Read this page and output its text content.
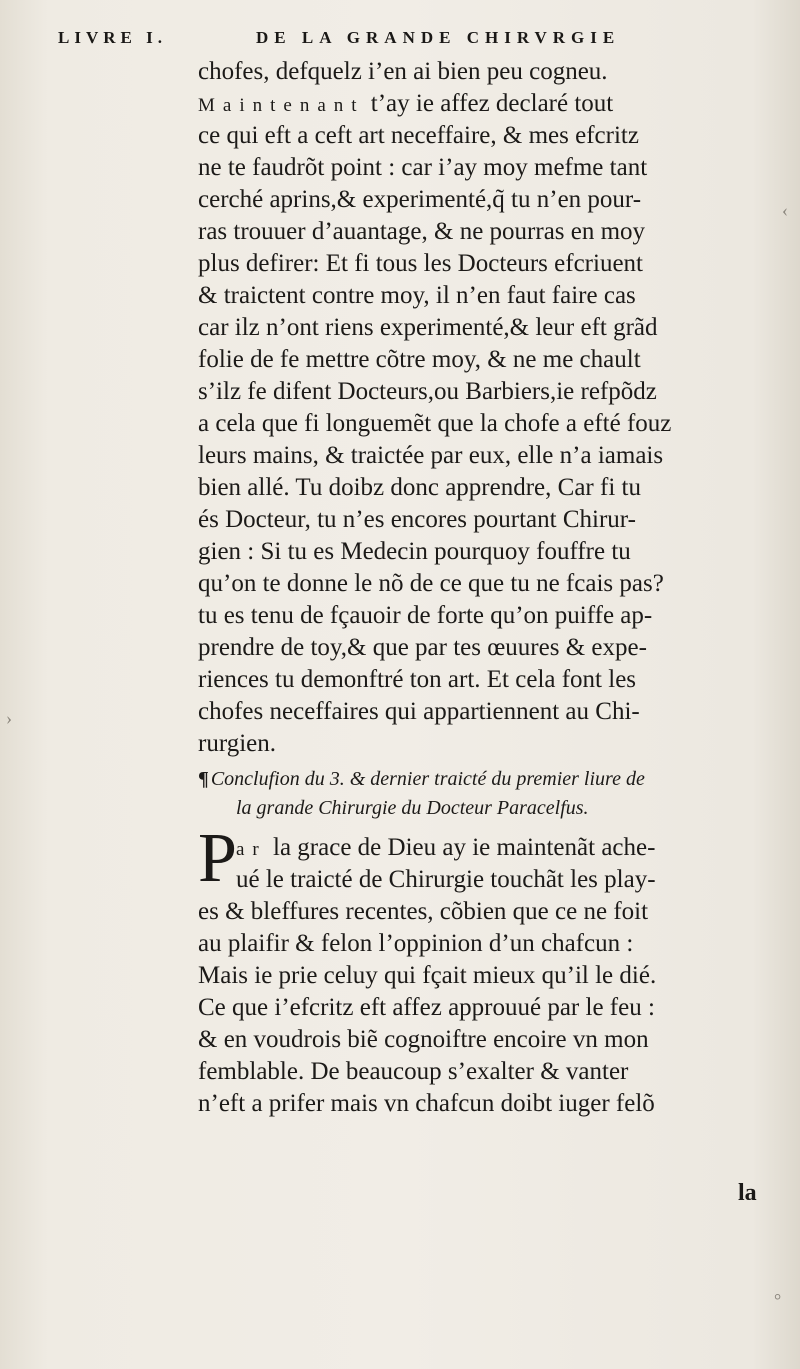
LIVRE I.	DE LA GRANDE CHIRVRGIE
chofes, defquelz i’en ai bien peu cogneu.
Maintenant t’ay ie affez declaré tout
ce qui eft a ceft art neceffaire, & mes efcritz
ne te faudrõt point : car i’ay moy mefme tant
cerché aprins,& experimenté,q̃ tu n’en pour-
ras trouuer d’auantage, & ne pourras en moy
plus defirer: Et fi tous les Docteurs efcriuent
& traictent contre moy, il n’en faut faire cas
car ilz n’ont riens experimenté,& leur eft grãd
folie de fe mettre cõtre moy, & ne me chault
s’ilz fe difent Docteurs,ou Barbiers,ie refpõdz
a cela que fi longuemẽt que la chofe a efté fouz
leurs mains, & traictée par eux, elle n’a iamais
bien allé. Tu doibz donc apprendre, Car fi tu
és Docteur, tu n’es encores pourtant Chirur-
gien : Si tu es Medecin pourquoy fouffre tu
qu’on te donne le nõ de ce que tu ne fcais pas?
tu es tenu de fçauoir de forte qu’on puiffe ap-
prendre de toy,& que par tes œuures & expe-
riences tu demonftré ton art. Et cela font les
chofes neceffaires qui appartiennent au Chi-
rurgien.
¶ Conclufion du 3. & dernier traicté du premier liure de
la grande Chirurgie du Docteur Paracelfus.
P ar la grace de Dieu ay ie maintenãt ache-
ué le traicté de Chirurgie touchãt les play-
es & bleffures recentes, cõbien que ce ne foit
au plaifir & felon l’oppinion d’un chafcun :
Mais ie prie celuy qui fçait mieux qu’il le dié.
Ce que i’efcritz eft affez approuué par le feu :
& en voudrois biẽ cognoiftre encoire vn mon
femblable. De beaucoup s’exalter & vanter
n’eft a prifer mais vn chafcun doibt iuger felõ
la
‹
›
°
